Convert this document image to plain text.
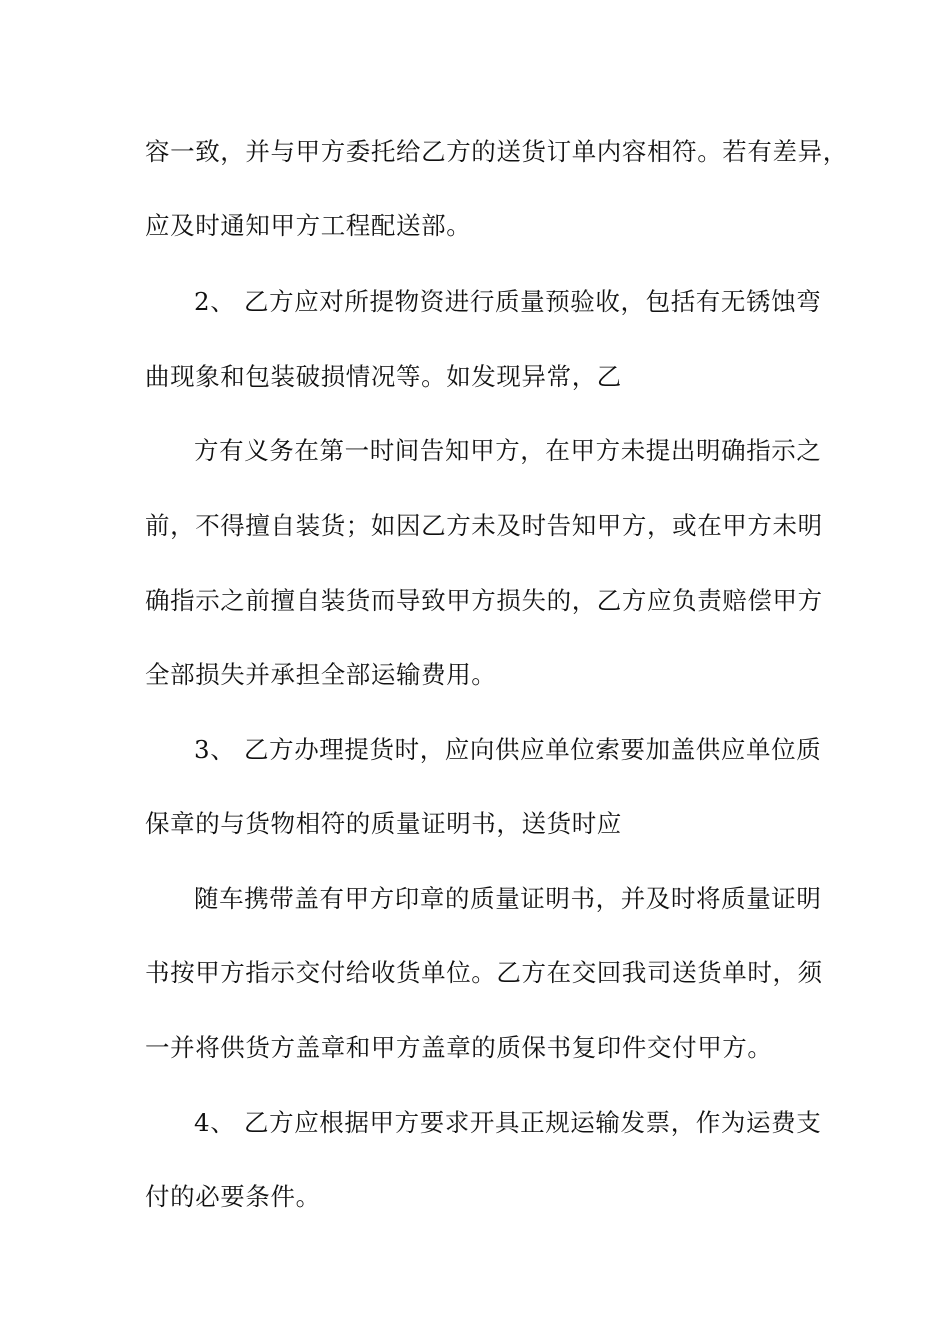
容一致，并与甲方委托给乙方的送货订单内容相符。若有差异，
应及时通知甲方工程配送部。
2、 乙方应对所提物资进行质量预验收，包括有无锈蚀弯
曲现象和包装破损情况等。如发现异常，乙
方有义务在第一时间告知甲方，在甲方未提出明确指示之
前，不得擅自装货；如因乙方未及时告知甲方，或在甲方未明
确指示之前擅自装货而导致甲方损失的，乙方应负责赔偿甲方
全部损失并承担全部运输费用。
3、 乙方办理提货时，应向供应单位索要加盖供应单位质
保章的与货物相符的质量证明书，送货时应
随车携带盖有甲方印章的质量证明书，并及时将质量证明
书按甲方指示交付给收货单位。乙方在交回我司送货单时，须
一并将供货方盖章和甲方盖章的质保书复印件交付甲方。
4、 乙方应根据甲方要求开具正规运输发票，作为运费支
付的必要条件。
